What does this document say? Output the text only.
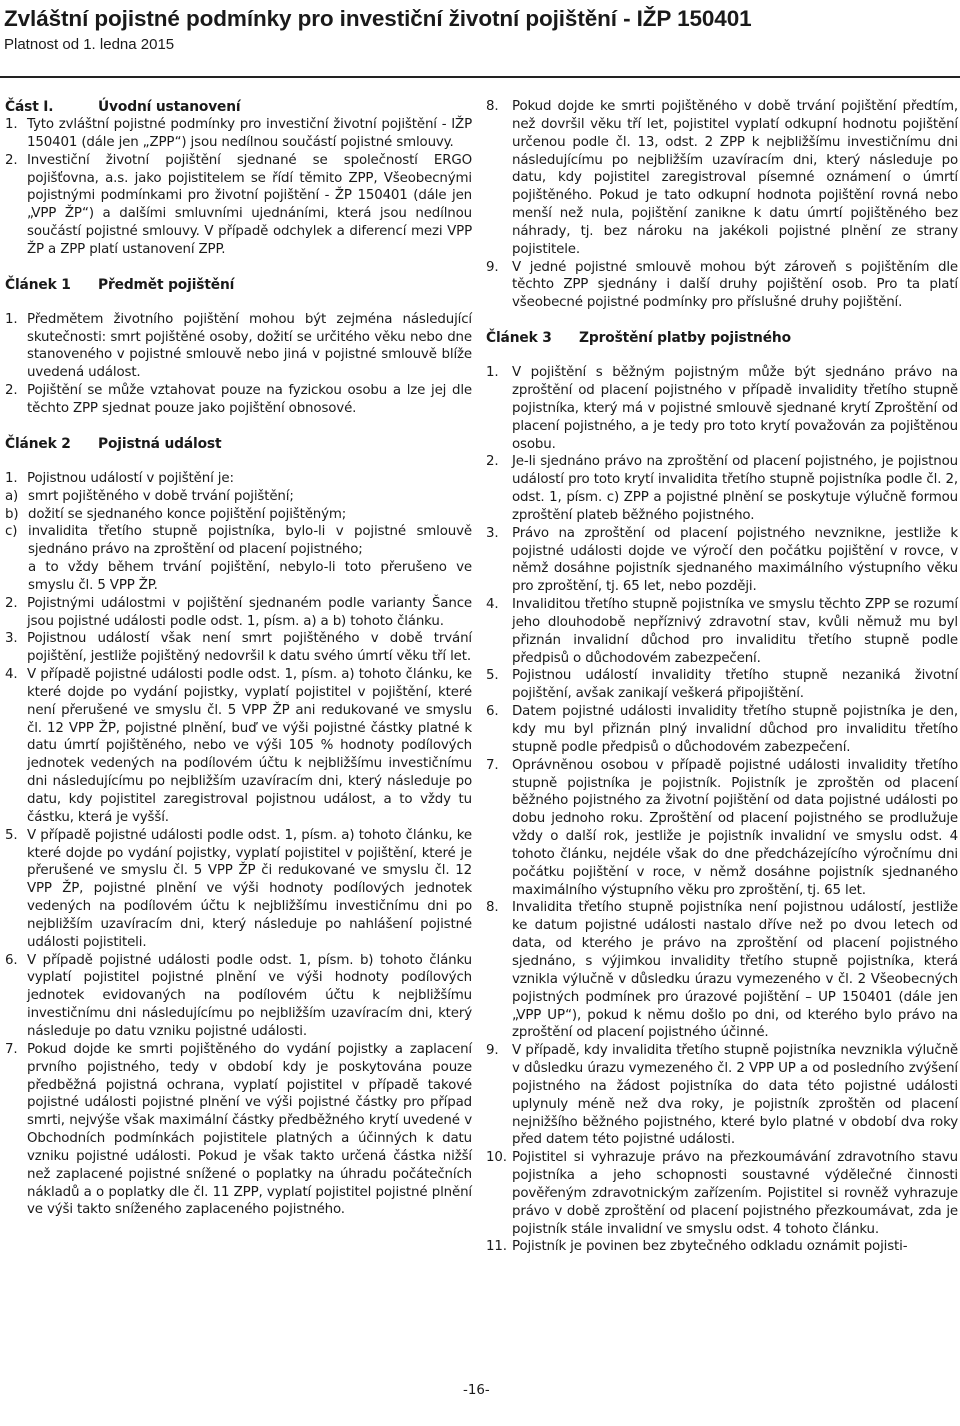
Zvláštní pojistné podmínky pro investiční životní pojištění - IŽP 150401
Platnost od 1. ledna 2015
Část I.	Úvodní ustanovení
1. Tyto zvláštní pojistné podmínky pro investiční životní pojištění - IŽP 150401 (dále jen „ZPP“) jsou nedílnou součástí pojistné smlouvy.
2. Investiční životní pojištění sjednané se společností ERGO pojišťovna, a.s. jako pojistitelem se řídí těmito ZPP, Všeobecnými pojistnými podmínkami pro životní pojištění - ŽP 150401 (dále jen „VPP ŽP“) a dalšími smluvními ujednáními, která jsou nedílnou součástí pojistné smlouvy. V případě odchylek a diferencí mezi VPP ŽP a ZPP platí ustanovení ZPP.
Článek 1	Předmět pojištění
1. Předmětem životního pojištění mohou být zejména následující skutečnosti: smrt pojištěné osoby, dožití se určitého věku nebo dne stanoveného v pojistné smlouvě nebo jiná v pojistné smlouvě blíže uvedená událost.
2. Pojištění se může vztahovat pouze na fyzickou osobu a lze jej dle těchto ZPP sjednat pouze jako pojištění obnosové.
Článek 2	Pojistná událost
1. Pojistnou událostí v pojištění je:
a) smrt pojištěného v době trvání pojištění;
b) dožití se sjednaného konce pojištění pojištěným;
c) invalidita třetího stupně pojistníka, bylo-li v pojistné smlouvě sjednáno právo na zproštění od placení pojistného;
a to vždy během trvání pojištění, nebylo-li toto přerušeno ve smyslu čl. 5 VPP ŽP.
2. Pojistnými událostmi v pojištění sjednaném podle varianty Šance jsou pojistné události podle odst. 1, písm. a) a b) tohoto článku.
3. Pojistnou událostí však není smrt pojištěného v době trvání pojištění, jestliže pojištěný nedovršil k datu svého úmrtí věku tří let.
4. V případě pojistné události podle odst. 1, písm. a) tohoto článku, ke které dojde po vydání pojistky, vyplatí pojistitel v pojištění, které není přerušené ve smyslu čl. 5 VPP ŽP ani redukované ve smyslu čl. 12 VPP ŽP, pojistné plnění, buď ve výši pojistné částky platné k datu úmrtí pojištěného, nebo ve výši 105 % hodnoty podílových jednotek vedených na podílovém účtu k nejbližšímu investičnímu dni následujícímu po nejbližším uzavíracím dni, který následuje po datu, kdy pojistitel zaregistroval pojistnou událost, a to vždy tu částku, která je vyšší.
5. V případě pojistné události podle odst. 1, písm. a) tohoto článku, ke které dojde po vydání pojistky, vyplatí pojistitel v pojištění, které je přerušené ve smyslu čl. 5 VPP ŽP či redukované ve smyslu čl. 12 VPP ŽP, pojistné plnění ve výši hodnoty podílových jednotek vedených na podílovém účtu k nejbližšímu investičnímu dni po nejbližším uzavíracím dni, který následuje po nahlášení pojistné události pojistiteli.
6. V případě pojistné události podle odst. 1, písm. b) tohoto článku vyplatí pojistitel pojistné plnění ve výši hodnoty podílových jednotek evidovaných na podílovém účtu k nejbližšímu investičnímu dni následujícímu po nejbližším uzavíracím dni, který následuje po datu vzniku pojistné události.
7. Pokud dojde ke smrti pojištěného do vydání pojistky a zaplacení prvního pojistného, tedy v období kdy je poskytována pouze předběžná pojistná ochrana, vyplatí pojistitel v případě takové pojistné události pojistné plnění ve výši pojistné částky pro případ smrti, nejvýše však maximální částky předběžného krytí uvedené v Obchodních podmínkách pojistitele platných a účinných k datu vzniku pojistné události. Pokud je však takto určená částka nižší než zaplacené pojistné snížené o poplatky na úhradu počátečních nákladů a o poplatky dle čl. 11 ZPP, vyplatí pojistitel pojistné plnění ve výši takto sníženého zaplaceného pojistného.
8.	Pokud dojde ke smrti pojištěného v době trvání pojištění předtím, než dovršil věku tří let, pojistitel vyplatí odkupní hodnotu pojištění určenou podle čl. 13, odst. 2 ZPP k nejbližšímu investičnímu dni následujícímu po nejbližším uzavíracím dni, který následuje po datu, kdy pojistitel zaregistroval písemné oznámení o úmrtí pojištěného. Pokud je tato odkupní hodnota pojištění rovná nebo menší než nula, pojištění zanikne k datu úmrtí pojištěného bez náhrady, tj. bez nároku na jakékoli pojistné plnění ze strany pojistitele.
9.	V jedné pojistné smlouvě mohou být zároveň s pojištěním dle těchto ZPP sjednány i další druhy pojištění osob. Pro ta platí všeobecné pojistné podmínky pro příslušné druhy pojištění.
Článek 3	Zproštění platby pojistného
1.	V pojištění s běžným pojistným může být sjednáno právo na zproštění od placení pojistného v případě invalidity třetího stupně pojistníka, který má v pojistné smlouvě sjednané krytí Zproštění od placení pojistného, a je tedy pro toto krytí považován za pojištěnou osobu.
2.	Je-li sjednáno právo na zproštění od placení pojistného, je pojistnou událostí pro toto krytí invalidita třetího stupně pojistníka podle čl. 2, odst. 1, písm. c) ZPP a pojistné plnění se poskytuje výlučně formou zproštění plateb běžného pojistného.
3.	Právo na zproštění od placení pojistného nevznikne, jestliže k pojistné události dojde ve výročí den počátku pojištění v rovce, v němž dosáhne pojistník sjednaného maximálního výstupního věku pro zproštění, tj. 65 let, nebo později.
4.	Invaliditou třetího stupně pojistníka ve smyslu těchto ZPP se rozumí jeho dlouhodobě nepříznivý zdravotní stav, kvůli němuž mu byl přiznán invalidní důchod pro invaliditu třetího stupně podle předpisů o důchodovém zabezpečení.
5.	Pojistnou událostí invalidity třetího stupně nezaniká životní pojištění, avšak zanikají veškerá připojištění.
6.	Datem pojistné události invalidity třetího stupně pojistníka je den, kdy mu byl přiznán plný invalidní důchod pro invaliditu třetího stupně podle předpisů o důchodovém zabezpečení.
7.	Oprávněnou osobou v případě pojistné události invalidity třetího stupně pojistníka je pojistník. Pojistník je zproštěn od placení běžného pojistného za životní pojištění od data pojistné události po dobu jednoho roku. Zproštění od placení pojistného se prodlužuje vždy o další rok, jestliže je pojistník invalidní ve smyslu odst. 4 tohoto článku, nejdéle však do dne předcházejícího výročnímu dni počátku pojištění v roce, v němž dosáhne pojistník sjednaného maximálního výstupního věku pro zproštění, tj. 65 let.
8.	Invalidita třetího stupně pojistníka není pojistnou událostí, jestliže ke datum pojistné události nastalo dříve než po dvou letech od data, od kterého je právo na zproštění od placení pojistného sjednáno, s výjimkou invalidity třetího stupně pojistníka, která vznikla výlučně v důsledku úrazu vymezeného v čl. 2 Všeobecných pojistných podmínek pro úrazové pojištění – UP 150401 (dále jen „VPP UP“), pokud k němu došlo po dni, od kterého bylo právo na zproštění od placení pojistného účinné.
9.	V případě, kdy invalidita třetího stupně pojistníka nevznikla výlučně v důsledku úrazu vymezeného čl. 2 VPP UP a od posledního zvýšení pojistného na žádost pojistníka do data této pojistné události uplynuly méně než dva roky, je pojistník zproštěn od placení nejnižšího běžného pojistného, které bylo platné v období dva roky před datem této pojistné události.
10. Pojistitel si vyhrazuje právo na přezkoumávání zdravotního stavu pojistníka a jeho schopnosti soustavné výdělečné činnosti pověřeným zdravotnickým zařízením. Pojistitel si rovněž vyhrazuje právo v době zproštění od placení pojistného přezkoumávat, zda je pojistník stále invalidní ve smyslu odst. 4 tohoto článku.
11. Pojistník je povinen bez zbytečného odkladu oznámit pojisti-
-16-
